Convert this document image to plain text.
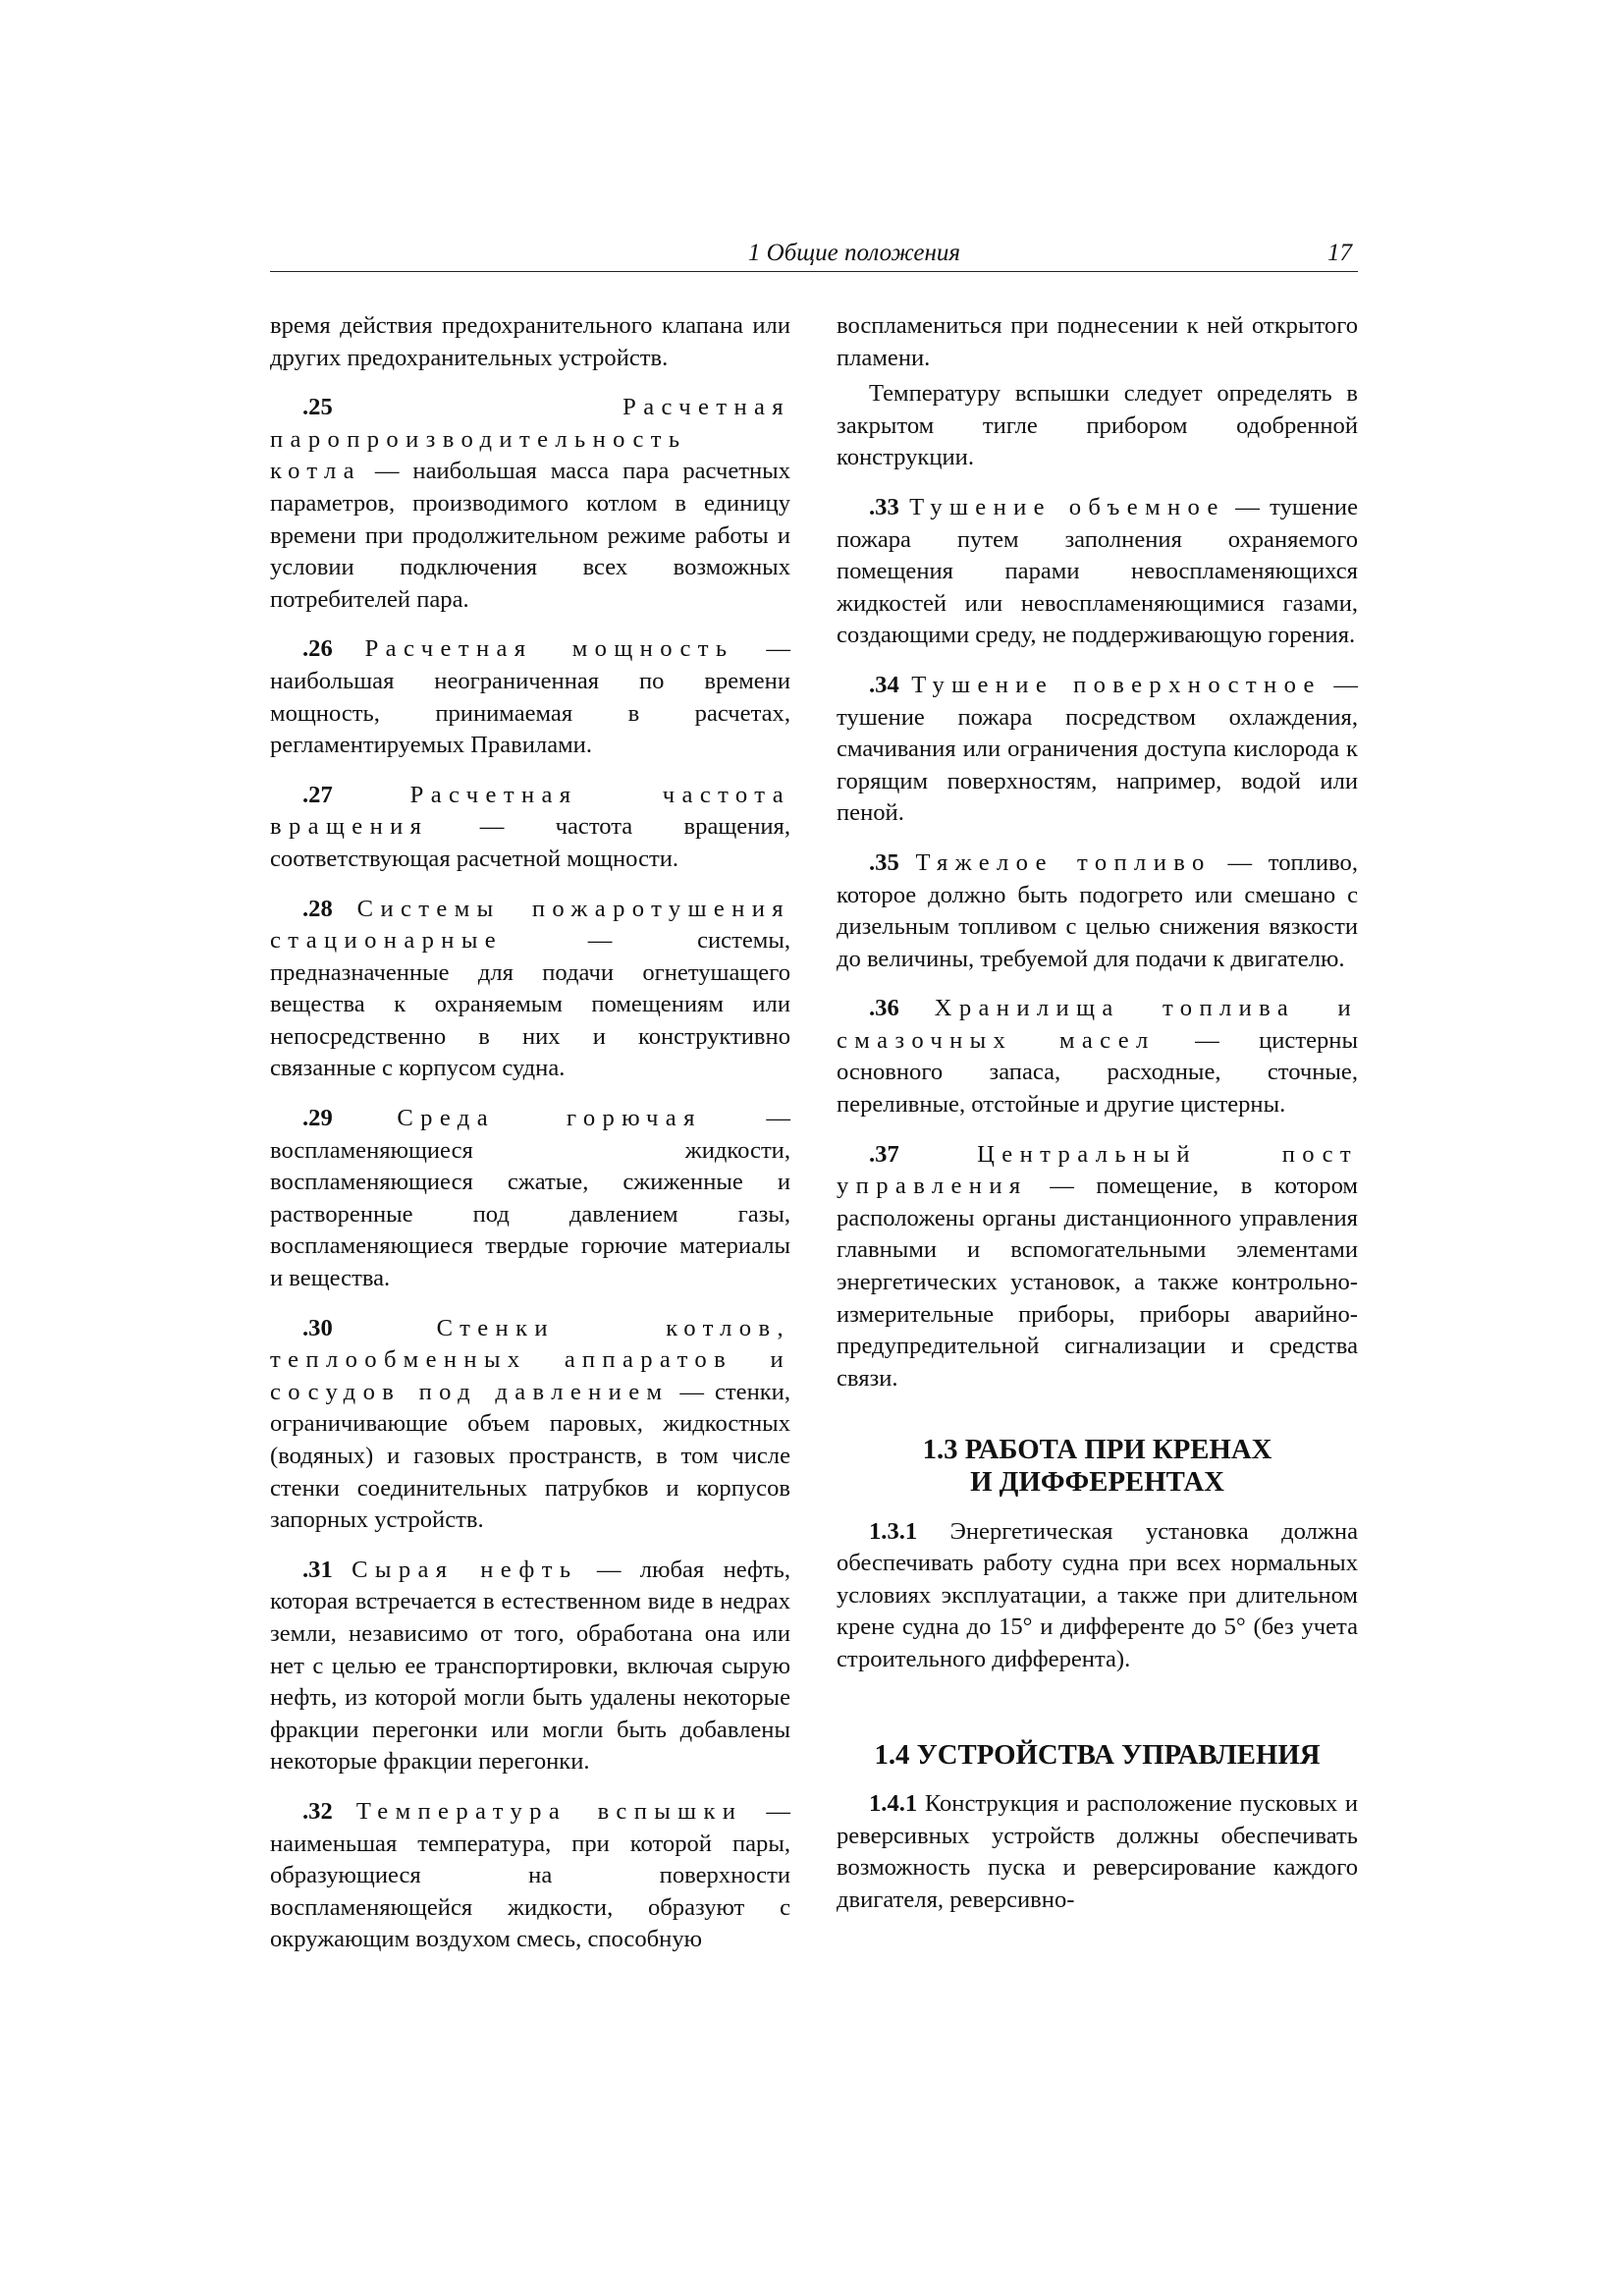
1 Общие положения	17

время действия предохранительного клапана или других предохранительных устройств.

.25	Расчетная паропроизводительность котла — наибольшая масса пара расчетных параметров, производимого котлом в единицу времени при продолжительном режиме работы и условии подключения всех возможных потребителей пара.

.26 Расчетная мощность — наибольшая неограниченная по времени мощность, принимаемая в расчетах, регламентируемых Правилами.

.27	Расчетная частота вращения — частота вращения, соответствующая расчетной мощности.

.28 Системы пожаротушения стационарные — системы, предназначенные для подачи огнетушащего вещества к охраняемым помещениям или непосредственно в них и конструктивно связанные с корпусом судна.

.29	Среда горючая — воспламеняющиеся жидкости, воспламеняющиеся сжатые, сжиженные и растворенные под давлением газы, воспламеняющиеся твердые горючие материалы и вещества.

.30	Стенки котлов, теплообменных аппаратов и сосудов под давлением — стенки, ограничивающие объем паровых, жидкостных (водяных) и газовых пространств, в том числе стенки соединительных патрубков и корпусов запорных устройств.

.31 Сырая нефть — любая нефть, которая встречается в естественном виде в недрах земли, независимо от того, обработана она или нет с целью ее транспортировки, включая сырую нефть, из которой могли быть удалены некоторые фракции перегонки или могли быть добавлены некоторые фракции перегонки.

.32 Температура вспышки — наименьшая температура, при которой пары, образующиеся на поверхности воспламеняющейся жидкости, образуют с окружающим воздухом смесь, способную

воспламениться при поднесении к ней открытого пламени.

Температуру вспышки следует определять в закрытом тигле прибором одобренной конструкции.

.33 Тушение объемное — тушение пожара путем заполнения охраняемого помещения парами невоспламеняющихся жидкостей или невоспламеняющимися газами, создающими среду, не поддерживающую горения.

.34 Тушение поверхностное — тушение пожара посредством охлаждения, смачивания или ограничения доступа кислорода к горящим поверхностям, например, водой или пеной.

.35 Тяжелое топливо — топливо, которое должно быть подогрето или смешано с дизельным топливом с целью снижения вязкости до величины, требуемой для подачи к двигателю.

.36 Хранилища топлива и смазочных масел — цистерны основного запаса, расходные, сточные, переливные, отстойные и другие цистерны.

.37	Центральный пост управления — помещение, в котором расположены органы дистанционного управления главными и вспомогательными элементами энергетических установок, а также контрольно-измерительные приборы, приборы аварийно-предупредительной сигнализации и средства связи.

1.3 РАБОТА ПРИ КРЕНАХ
И ДИФФЕРЕНТАХ

1.3.1 Энергетическая установка должна обеспечивать работу судна при всех нормальных условиях эксплуатации, а также при длительном крене судна до 15° и дифференте до 5° (без учета строительного дифферента).

1.4 УСТРОЙСТВА УПРАВЛЕНИЯ

1.4.1 Конструкция и расположение пусковых и реверсивных устройств должны обеспечивать возможность пуска и реверсирование каждого двигателя, реверсивно-
